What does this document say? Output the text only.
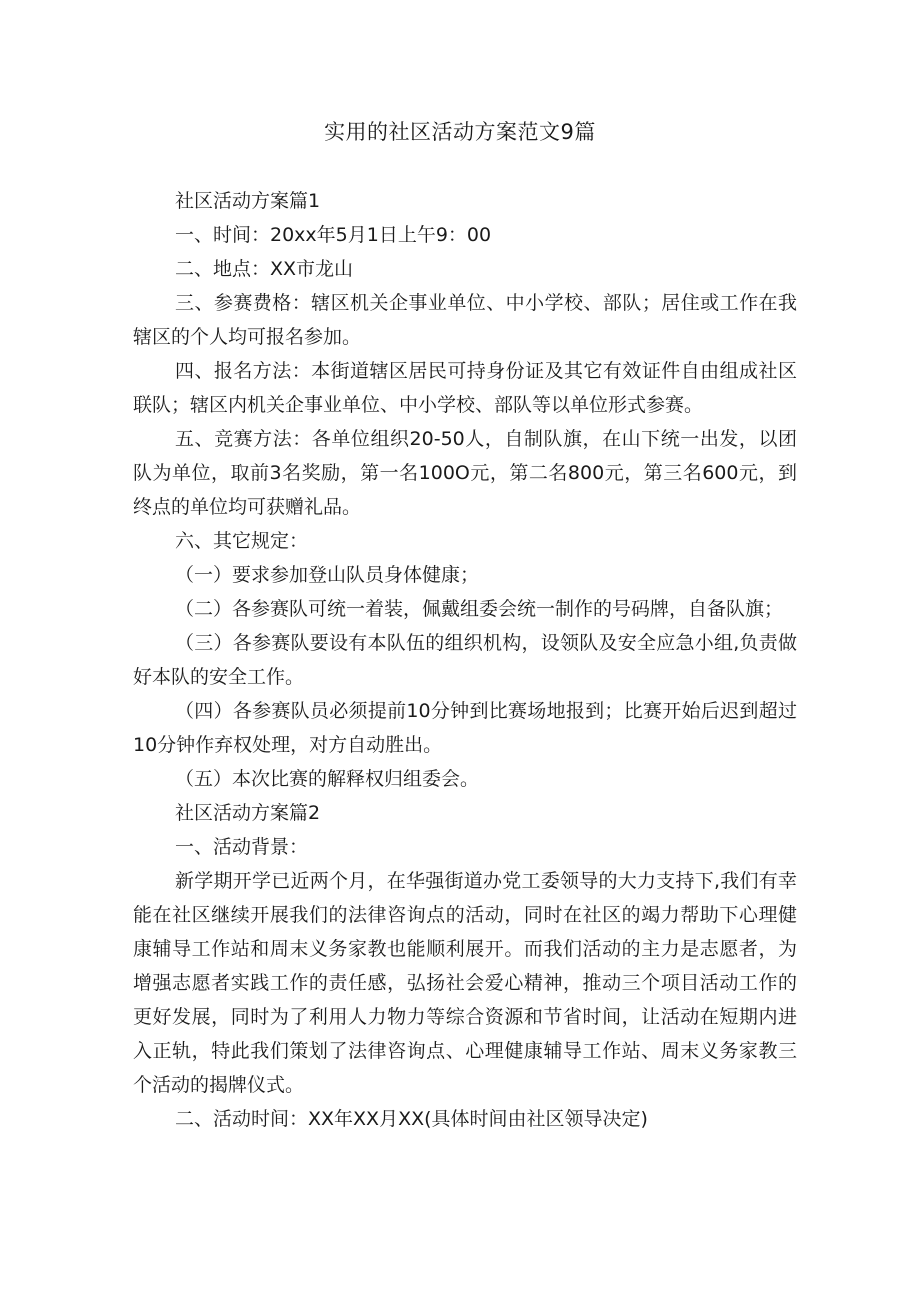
实用的社区活动方案范文9篇

社区活动方案篇1

一、时间：20xx年5月1日上午9：00

二、地点：XX市龙山

三、参赛费格：辖区机关企事业单位、中小学校、部队；居住或工作在我辖区的个人均可报名参加。

四、报名方法：本街道辖区居民可持身份证及其它有效证件自由组成社区联队；辖区内机关企事业单位、中小学校、部队等以单位形式参赛。

五、竞赛方法：各单位组织20-50人，自制队旗，在山下统一出发，以团队为单位，取前3名奖励，第一名100O元，第二名800元，第三名600元，到终点的单位均可获赠礼品。

六、其它规定：

（一）要求参加登山队员身体健康；

（二）各参赛队可统一着装，佩戴组委会统一制作的号码牌，自备队旗；

（三）各参赛队要设有本队伍的组织机构，设领队及安全应急小组,负责做好本队的安全工作。

（四）各参赛队员必须提前10分钟到比赛场地报到；比赛开始后迟到超过10分钟作弃权处理，对方自动胜出。

（五）本次比赛的解释权归组委会。

社区活动方案篇2

一、活动背景：

新学期开学已近两个月，在华强街道办党工委领导的大力支持下,我们有幸能在社区继续开展我们的法律咨询点的活动，同时在社区的竭力帮助下心理健康辅导工作站和周末义务家教也能顺利展开。而我们活动的主力是志愿者，为增强志愿者实践工作的责任感，弘扬社会爱心精神，推动三个项目活动工作的更好发展，同时为了利用人力物力等综合资源和节省时间，让活动在短期内进入正轨，特此我们策划了法律咨询点、心理健康辅导工作站、周末义务家教三个活动的揭牌仪式。

二、活动时间：XX年XX月XX(具体时间由社区领导决定)
